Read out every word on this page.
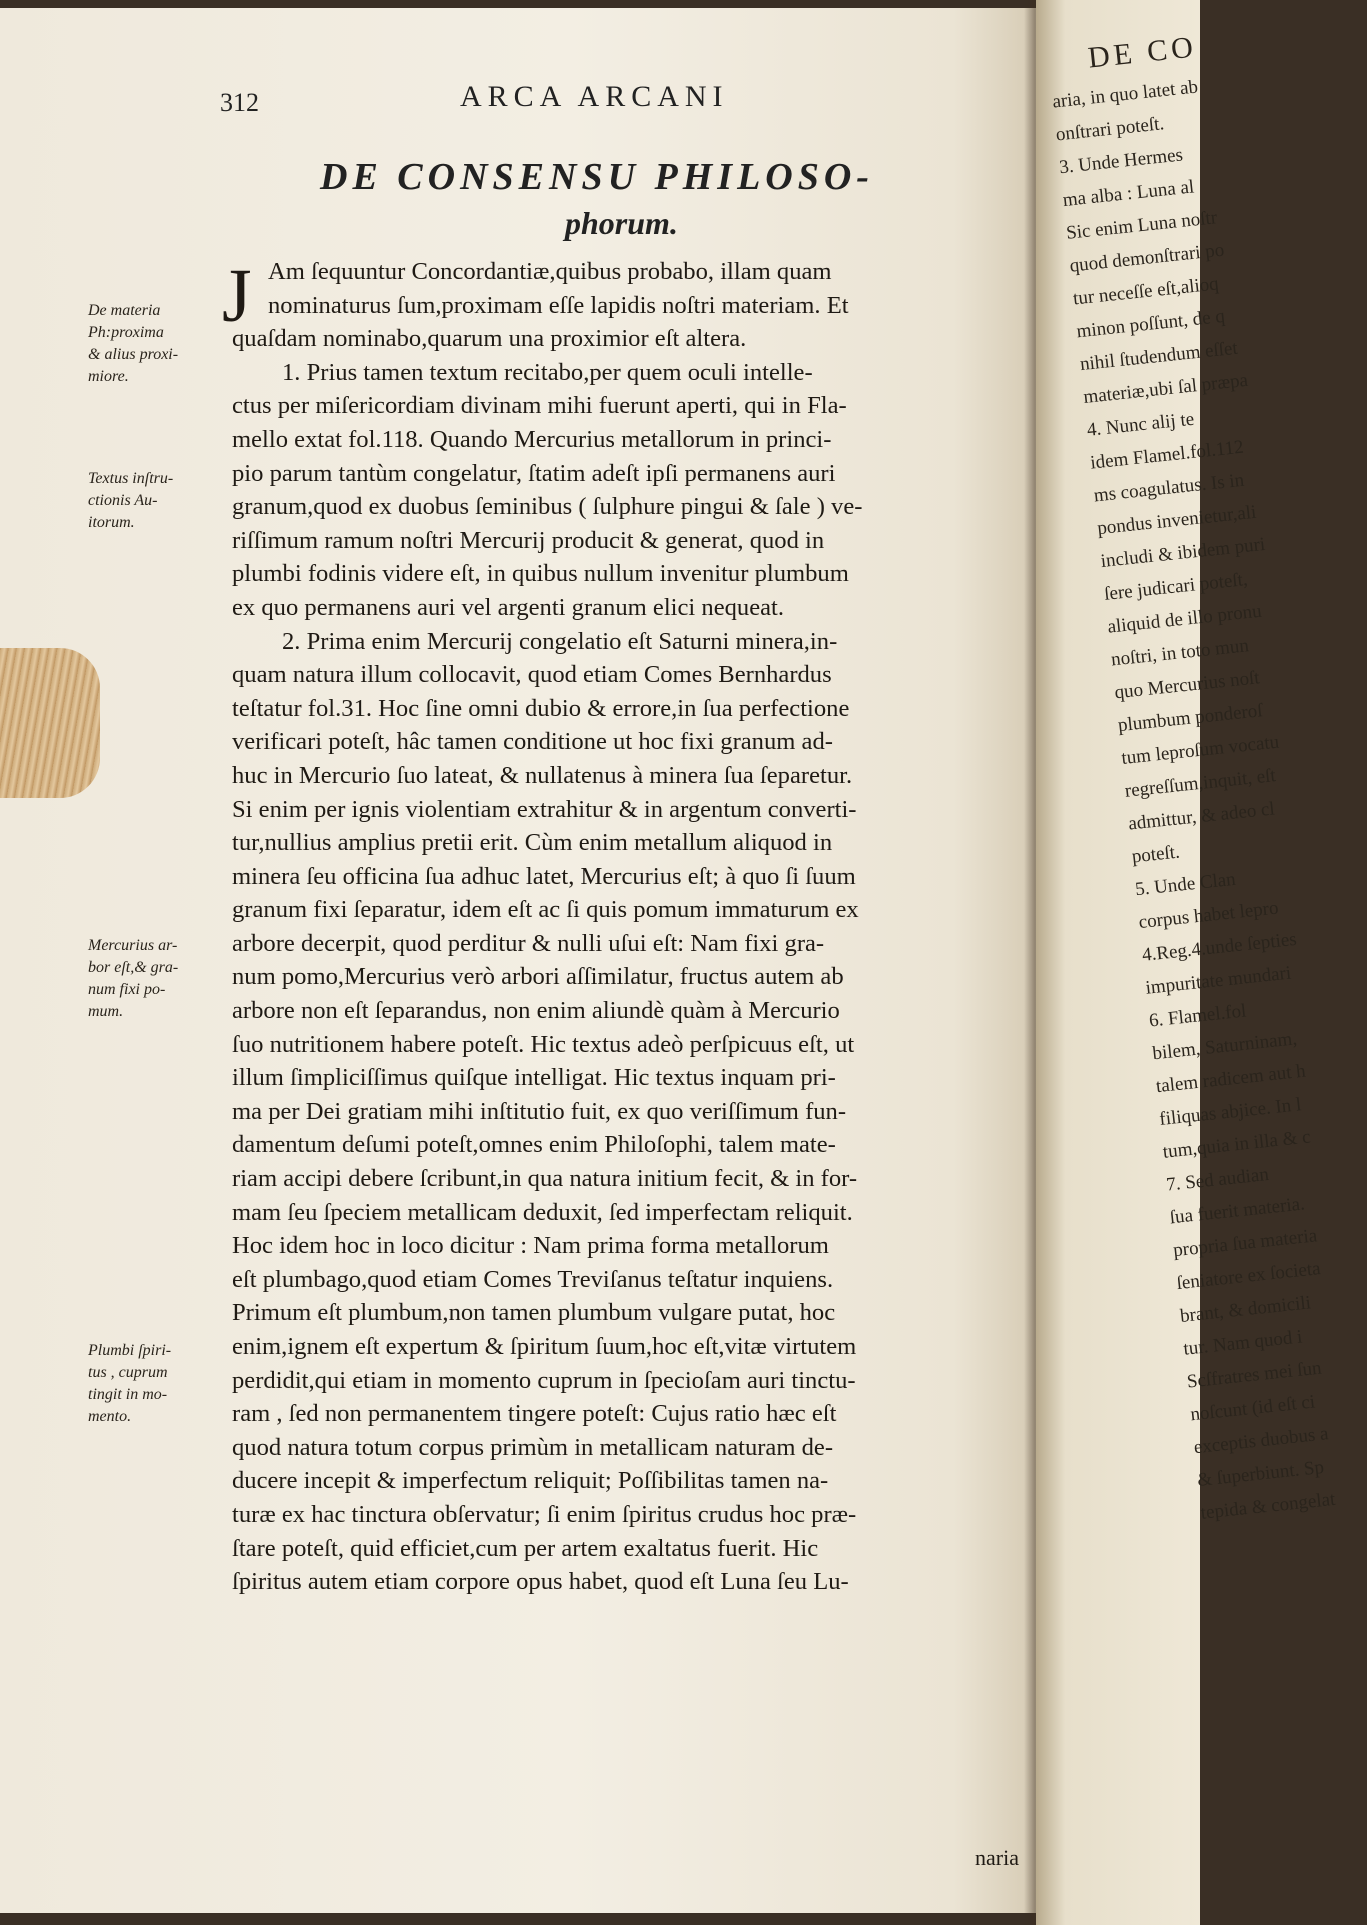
312	ARCA ARCANI
DE CONSENSU PHILOSO-
phorum.
J Am ſequuntur Concordantiæ,quibus probabo, illam quam
nominaturus ſum,proximam eſſe lapidis noſtri materiam. Et
quaſdam nominabo,quarum una proximior eſt altera.
1. Prius tamen textum recitabo,per quem oculi intelle-
ctus per miſericordiam divinam mihi fuerunt aperti, qui in Fla-
mello extat fol.118. Quando Mercurius metallorum in princi-
pio parum tantùm congelatur, ſtatim adeſt ipſi permanens auri
granum,quod ex duobus ſeminibus ( ſulphure pingui & ſale ) ve-
riſſimum ramum noſtri Mercurij producit & generat, quod in
plumbi fodinis videre eſt, in quibus nullum invenitur plumbum
ex quo permanens auri vel argenti granum elici nequeat.
2. Prima enim Mercurij congelatio eſt Saturni minera,in-
quam natura illum collocavit, quod etiam Comes Bernhardus
teſtatur fol.31. Hoc ſine omni dubio & errore,in ſua perfectione
verificari poteſt, hâc tamen conditione ut hoc fixi granum ad-
huc in Mercurio ſuo lateat, & nullatenus à minera ſua ſeparetur.
Si enim per ignis violentiam extrahitur & in argentum converti-
tur,nullius amplius pretii erit. Cùm enim metallum aliquod in
minera ſeu officina ſua adhuc latet, Mercurius eſt; à quo ſi ſuum
granum fixi ſeparatur, idem eſt ac ſi quis pomum immaturum ex
arbore decerpit, quod perditur & nulli uſui eſt: Nam fixi gra-
num pomo,Mercurius verò arbori aſſimilatur, fructus autem ab
arbore non eſt ſeparandus, non enim aliundè quàm à Mercurio
ſuo nutritionem habere poteſt. Hic textus adeò perſpicuus eſt, ut
illum ſimpliciſſimus quiſque intelligat. Hic textus inquam pri-
ma per Dei gratiam mihi inſtitutio fuit, ex quo veriſſimum fun-
damentum deſumi poteſt,omnes enim Philoſophi, talem mate-
riam accipi debere ſcribunt,in qua natura initium fecit, & in for-
mam ſeu ſpeciem metallicam deduxit, ſed imperfectam reliquit.
Hoc idem hoc in loco dicitur : Nam prima forma metallorum
eſt plumbago,quod etiam Comes Treviſanus teſtatur inquiens.
Primum eſt plumbum,non tamen plumbum vulgare putat, hoc
enim,ignem eſt expertum & ſpiritum ſuum,hoc eſt,vitæ virtutem
perdidit,qui etiam in momento cuprum in ſpecioſam auri tinctu-
ram , ſed non permanentem tingere poteſt: Cujus ratio hæc eſt
quod natura totum corpus primùm in metallicam naturam de-
ducere incepit & imperfectum reliquit; Poſſibilitas tamen na-
turæ ex hac tinctura obſervatur; ſi enim ſpiritus crudus hoc præ-
ſtare poteſt, quid efficiet,cum per artem exaltatus fuerit. Hic
ſpiritus autem etiam corpore opus habet, quod eſt Luna ſeu Lu-
De materia
Ph:proxima
& alius proxi-
miore.
Textus inſtru-
ctionis Au-
itorum.
Mercurius ar-
bor eſt,& gra-
num fixi po-
mum.
Plumbi ſpiri-
tus , cuprum
tingit in mo-
mento.
naria
DE CO
aria, in quo latet ab
onſtrari poteſt.
3. Unde Hermes
ma alba : Luna al
Sic enim Luna noſtr
quod demonſtrari po
tur neceſſe eſt,alioq
minon poſſunt, de q
nihil ſtudendum eſſet
materiæ,ubi ſal præpa
4. Nunc alij te
idem Flamel.fol.112
ms coagulatus. Is in
pondus invenietur,ali
includi & ibidem puri
ſere judicari poteſt,
aliquid de illo pronu
noſtri, in toto mun
quo Mercurius noſt
plumbum ponderoſ
tum leproſum vocatu
regreſſum,inquit, eſt
admittur, & adeo cl
poteſt.
5. Unde Clan
corpus habet lepro
4.Reg.4.unde ſepties
impuritate mundari
6. Flamel.fol
bilem, Saturninam,
talem radicem aut h
filiquas abjice. In l
tum,quia in illa & c
7. Sed audian
ſua fuerit materia.
propria ſua materia
ſeniatore ex ſocieta
brant, & domicili
tur. Nam quod i
Scſfratres mei ſun
noſcunt (id eſt ci
exceptis duobus a
& ſuperbiunt. Sp
tepida & congelat
